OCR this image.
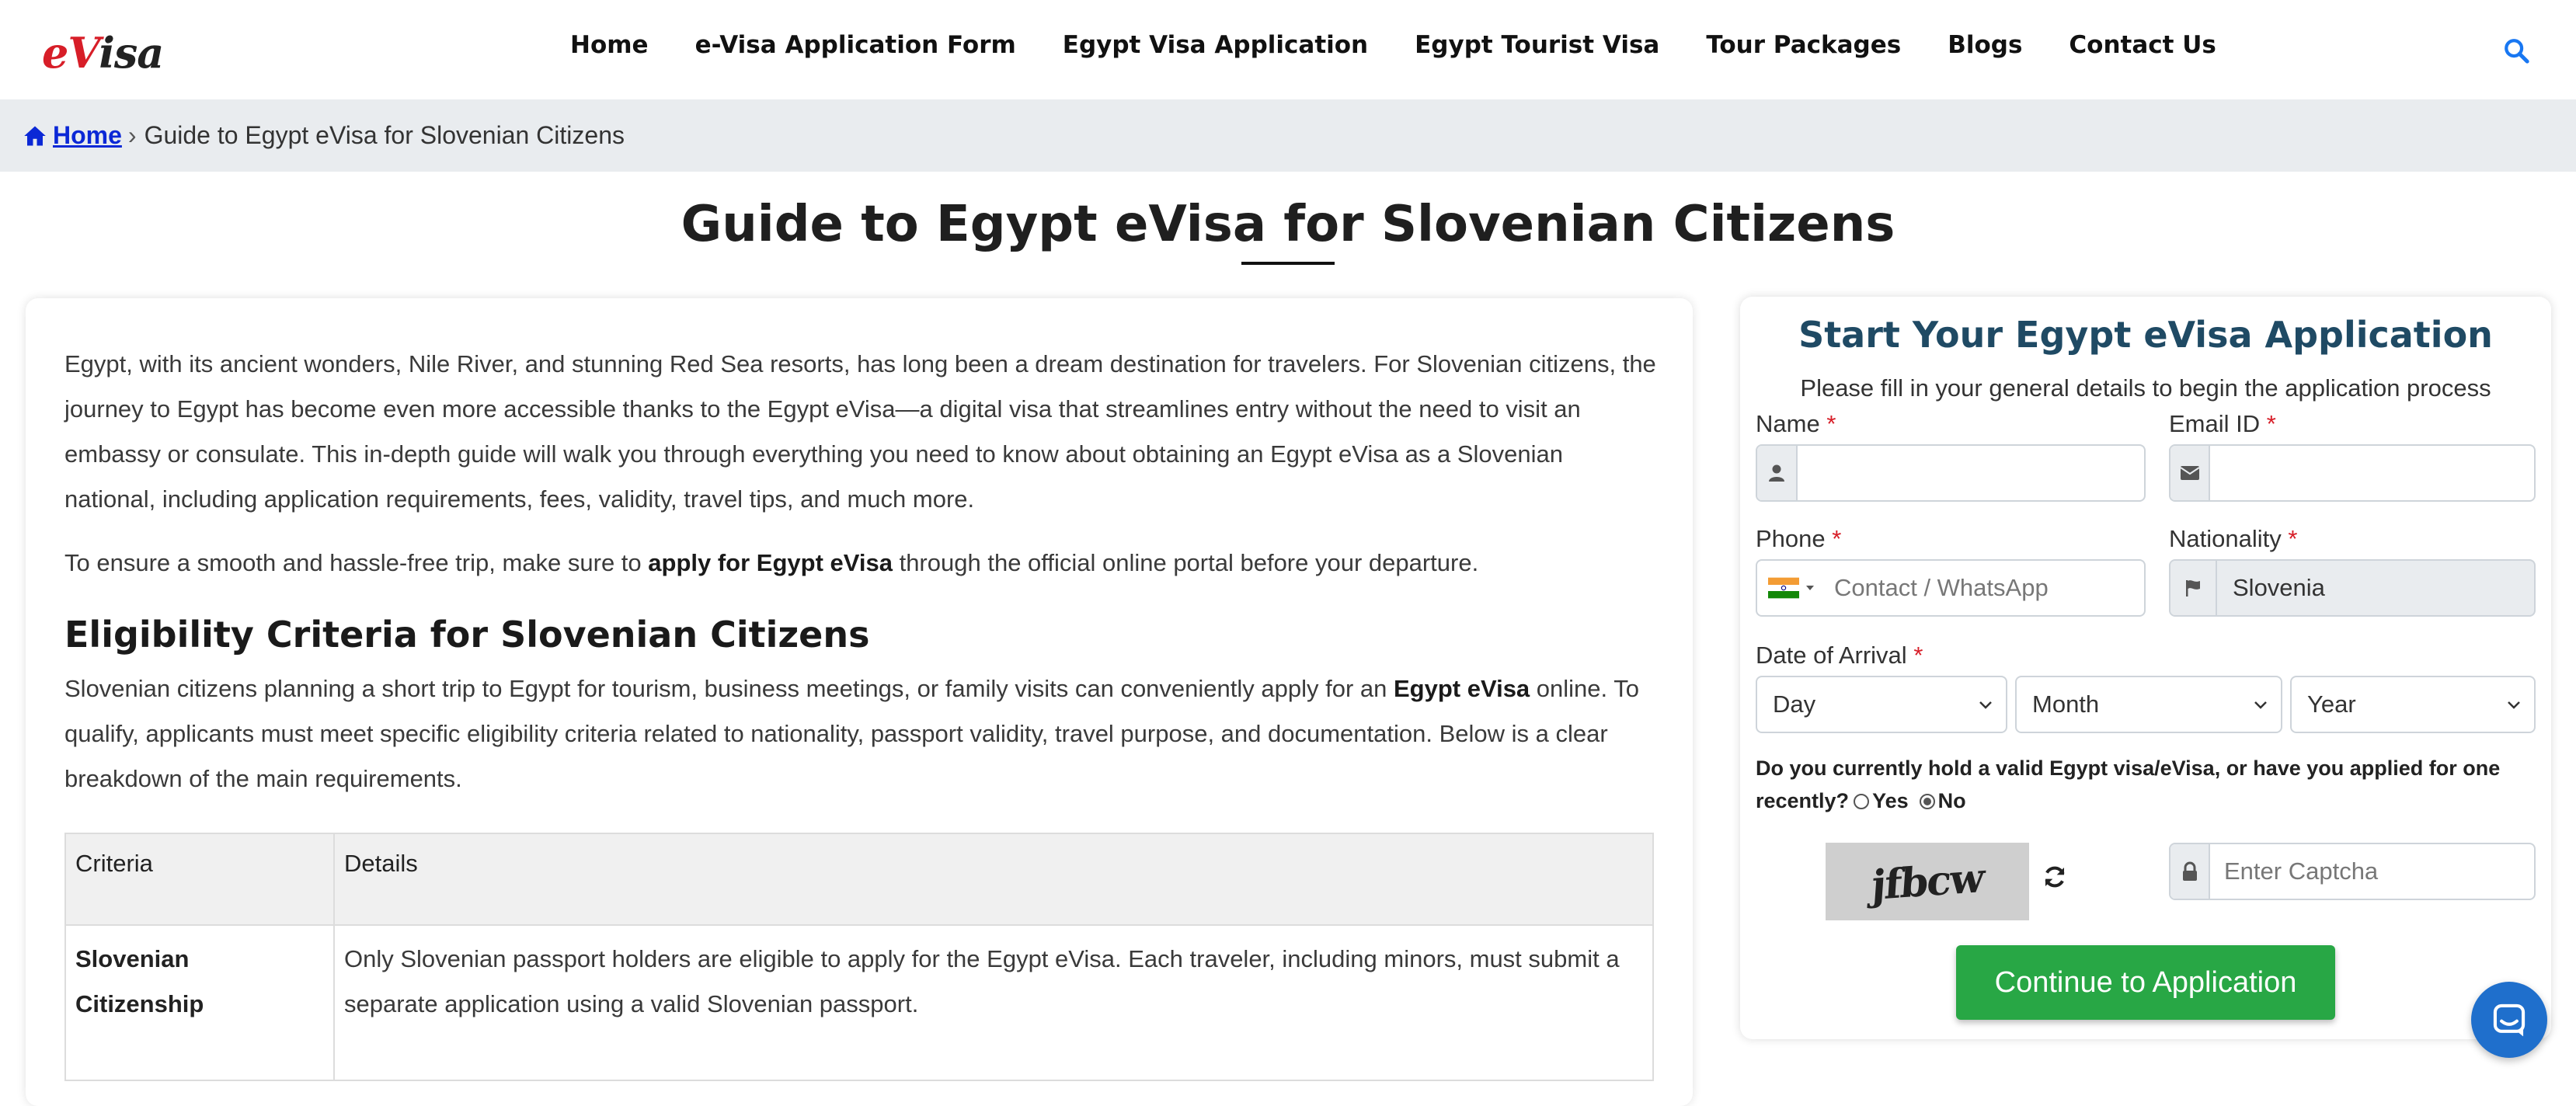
eVisa	Home e-Visa Application Form Egypt Visa Application Egypt Tourist Visa Tour Packages Blogs Contact Us
Home › Guide to Egypt eVisa for Slovenian Citizens
Guide to Egypt eVisa for Slovenian Citizens

Egypt, with its ancient wonders, Nile River, and stunning Red Sea resorts, has long been a dream destination for travelers. For Slovenian citizens, the journey to Egypt has become even more accessible thanks to the Egypt eVisa—a digital visa that streamlines entry without the need to visit an embassy or consulate. This in-depth guide will walk you through everything you need to know about obtaining an Egypt eVisa as a Slovenian national, including application requirements, fees, validity, travel tips, and much more.

To ensure a smooth and hassle-free trip, make sure to apply for Egypt eVisa through the official online portal before your departure.

Eligibility Criteria for Slovenian Citizens

Slovenian citizens planning a short trip to Egypt for tourism, business meetings, or family visits can conveniently apply for an Egypt eVisa online. To qualify, applicants must meet specific eligibility criteria related to nationality, passport validity, travel purpose, and documentation. Below is a clear breakdown of the main requirements.

Criteria	Details
Slovenian Citizenship	Only Slovenian passport holders are eligible to apply for the Egypt eVisa. Each traveler, including minors, must submit a separate application using a valid Slovenian passport.
Start Your Egypt eVisa Application
Please fill in your general details to begin the application process
Name *	Email ID *
Phone *
Contact / WhatsApp	Nationality *
Slovenia
Date of Arrival *
Day	Month	Year
Do you currently hold a valid Egypt visa/eVisa, or have you applied for one recently? Yes No
jfbcw
Enter Captcha
Continue to Application
